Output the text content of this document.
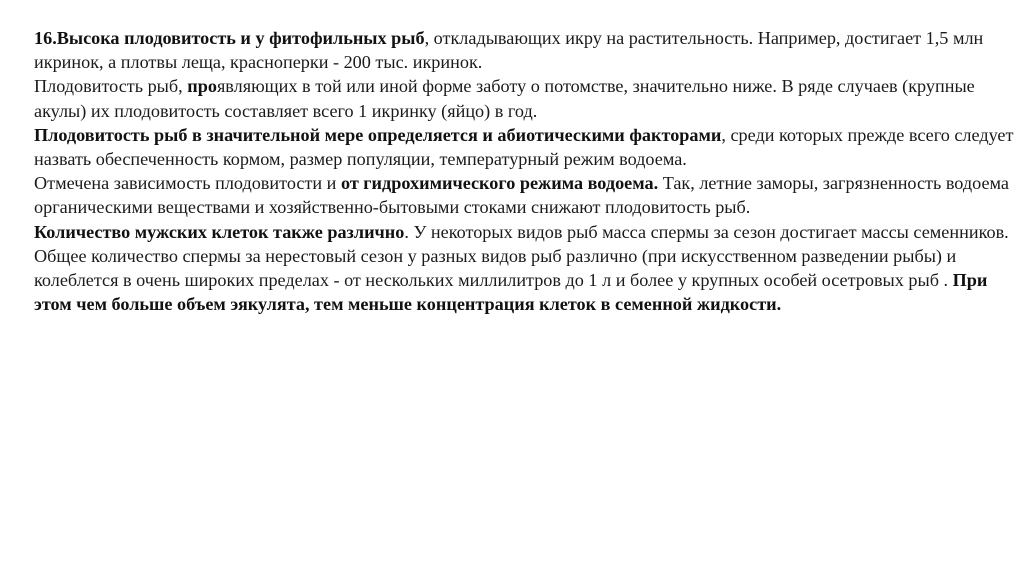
16.Высока плодовитость и у фитофильных рыб, откладывающих икру на растительность. Например, достигает 1,5 млн икринок, а плотвы леща, красноперки - 200 тыс. икринок.

Плодовитость рыб, проявляющих в той или иной форме заботу о потомстве, значительно ниже. В ряде случаев (крупные акулы) их плодовитость составляет всего 1 икринку (яйцо) в год.

Плодовитость рыб в значительной мере определяется и абиотическими факторами, среди которых прежде всего следует назвать обеспеченность кормом, размер популяции, температурный режим водоема.

Отмечена зависимость плодовитости и от гидрохимического режима водоема. Так, летние заморы, загрязненность водоема органическими веществами и хозяйственно-бытовыми стоками снижают плодовитость рыб.

Количество мужских клеток также различно. У некоторых видов рыб масса спермы за сезон достигает массы семенников. Общее количество спермы за нерестовый сезон у разных видов рыб различно (при искусственном разведении рыбы) и колеблется в очень широких пределах - от нескольких миллилитров до 1 л и более у крупных особей осетровых рыб . При этом чем больше объем эякулята, тем меньше концентрация клеток в семенной жидкости.
